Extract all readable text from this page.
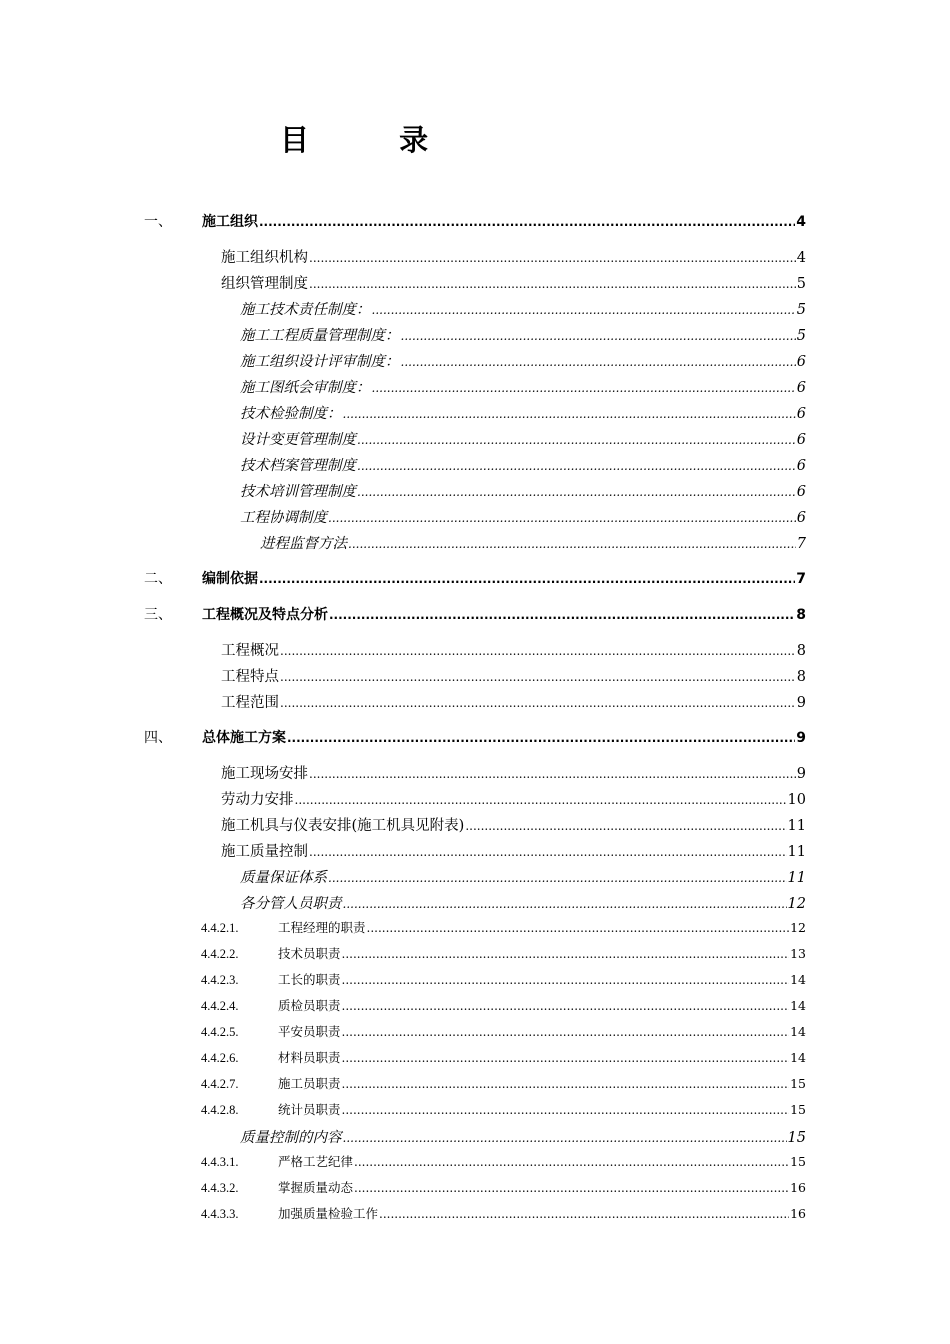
目 录
一、	施工组织 .....	4
施工组织机构 .....	4
组织管理制度 .....	5
施工技术责任制度： .....	5
施工工程质量管理制度： .....	5
施工组织设计评审制度： .....	6
施工图纸会审制度： .....	6
技术检验制度： .....	6
设计变更管理制度 .....	6
技术档案管理制度 .....	6
技术培训管理制度 .....	6
工程协调制度 .....	6
进程监督方法 .....	7
二、	编制依据 .....	7
三、	工程概况及特点分析 .....	8
工程概况 .....	8
工程特点 .....	8
工程范围 .....	9
四、	总体施工方案 .....	9
施工现场安排 .....	9
劳动力安排 .....	10
施工机具与仪表安排(施工机具见附表) .....	11
施工质量控制 .....	11
质量保证体系 .....	11
各分管人员职责 .....	12
4.4.2.1.	工程经理的职责 .....	12
4.4.2.2.	技术员职责 .....	13
4.4.2.3.	工长的职责 .....	14
4.4.2.4.	质检员职责 .....	14
4.4.2.5.	平安员职责 .....	14
4.4.2.6.	材料员职责 .....	14
4.4.2.7.	施工员职责 .....	15
4.4.2.8.	统计员职责 .....	15
质量控制的内容 .....	15
4.4.3.1.	严格工艺纪律 .....	15
4.4.3.2.	掌握质量动态 .....	16
4.4.3.3.	加强质量检验工作 .....	16
